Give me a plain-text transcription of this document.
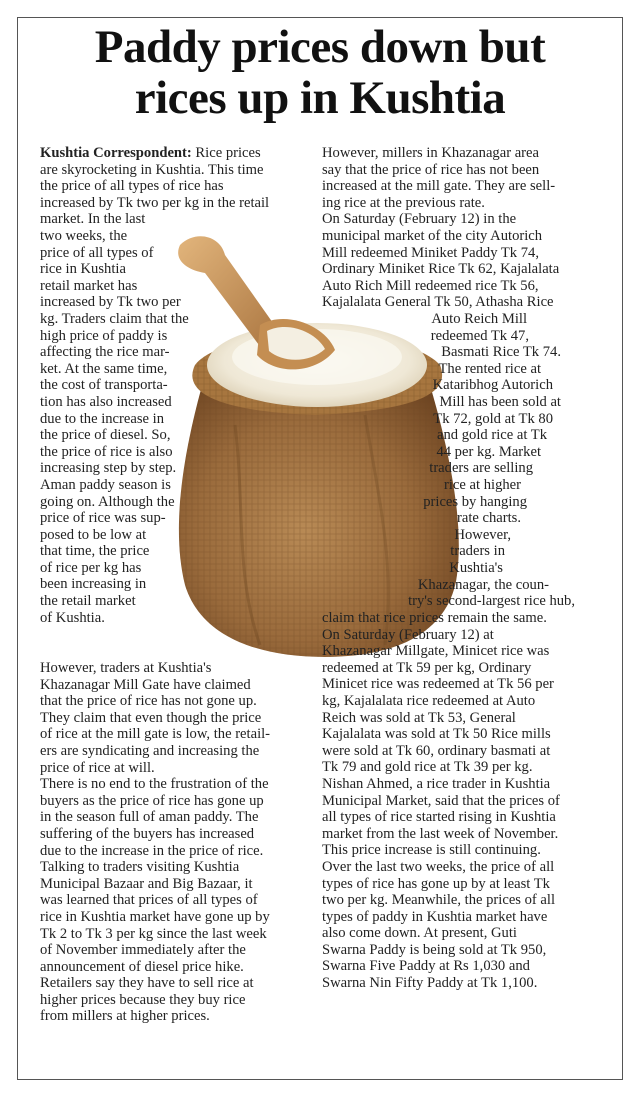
Paddy prices down but
rices up in Kushtia

Kushtia Correspondent: Rice prices
are skyrocketing in Kushtia. This time
the price of all types of rice has
increased by Tk two per kg in the retail
market. In the last

two weeks, the
price of all types of
rice in Kushtia
retail market has
increased by Tk two per
kg. Traders claim that the
high price of paddy is
affecting the rice mar-
ket. At the same time,
the cost of transporta-
tion has also increased
due to the increase in
the price of diesel. So,
the price of rice is also
increasing step by step.
Aman paddy season is
going on. Although the
price of rice was sup-
posed to be low at
that time, the price
of rice per kg has
been increasing in
the retail market
of Kushtia.

However, traders at Kushtia's
Khazanagar Mill Gate have claimed
that the price of rice has not gone up.
They claim that even though the price
of rice at the mill gate is low, the retail-
ers are syndicating and increasing the
price of rice at will.
There is no end to the frustration of the
buyers as the price of rice has gone up
in the season full of aman paddy. The
suffering of the buyers has increased
due to the increase in the price of rice.
Talking to traders visiting Kushtia
Municipal Bazaar and Big Bazaar, it
was learned that prices of all types of
rice in Kushtia market have gone up by
Tk 2 to Tk 3 per kg since the last week
of November immediately after the
announcement of diesel price hike.
Retailers say they have to sell rice at
higher prices because they buy rice
from millers at higher prices.

However, millers in Khazanagar area
say that the price of rice has not been
increased at the mill gate. They are sell-
ing rice at the previous rate.
On Saturday (February 12) in the
municipal market of the city Autorich
Mill redeemed Miniket Paddy Tk 74,
Ordinary Miniket Rice Tk 62, Kajalalata
Auto Rich Mill redeemed rice Tk 56,
Kajalalata General Tk 50, Athasha Rice

Auto Reich Mill
redeemed Tk 47,
Basmati Rice Tk 74.
The rented rice at
Kataribhog Autorich
Mill has been sold at
Tk 72, gold at Tk 80
and gold rice at Tk
44 per kg. Market
traders are selling
rice at higher
prices by hanging
rate charts.
However,
traders in
Kushtia's
Khazanagar, the coun-
try's second-largest rice hub,

claim that rice prices remain the same.
On Saturday (February 12) at
Khazanagar Millgate, Minicet rice was
redeemed at Tk 59 per kg, Ordinary
Minicet rice was redeemed at Tk 56 per
kg, Kajalalata rice redeemed at Auto
Reich was sold at Tk 53, General
Kajalalata was sold at Tk 50 Rice mills
were sold at Tk 60, ordinary basmati at
Tk 79 and gold rice at Tk 39 per kg.
Nishan Ahmed, a rice trader in Kushtia
Municipal Market, said that the prices of
all types of rice started rising in Kushtia
market from the last week of November.
This price increase is still continuing.
Over the last two weeks, the price of all
types of rice has gone up by at least Tk
two per kg. Meanwhile, the prices of all
types of paddy in Kushtia market have
also come down. At present, Guti
Swarna Paddy is being sold at Tk 950,
Swarna Five Paddy at Rs 1,030 and
Swarna Nin Fifty Paddy at Tk 1,100.
